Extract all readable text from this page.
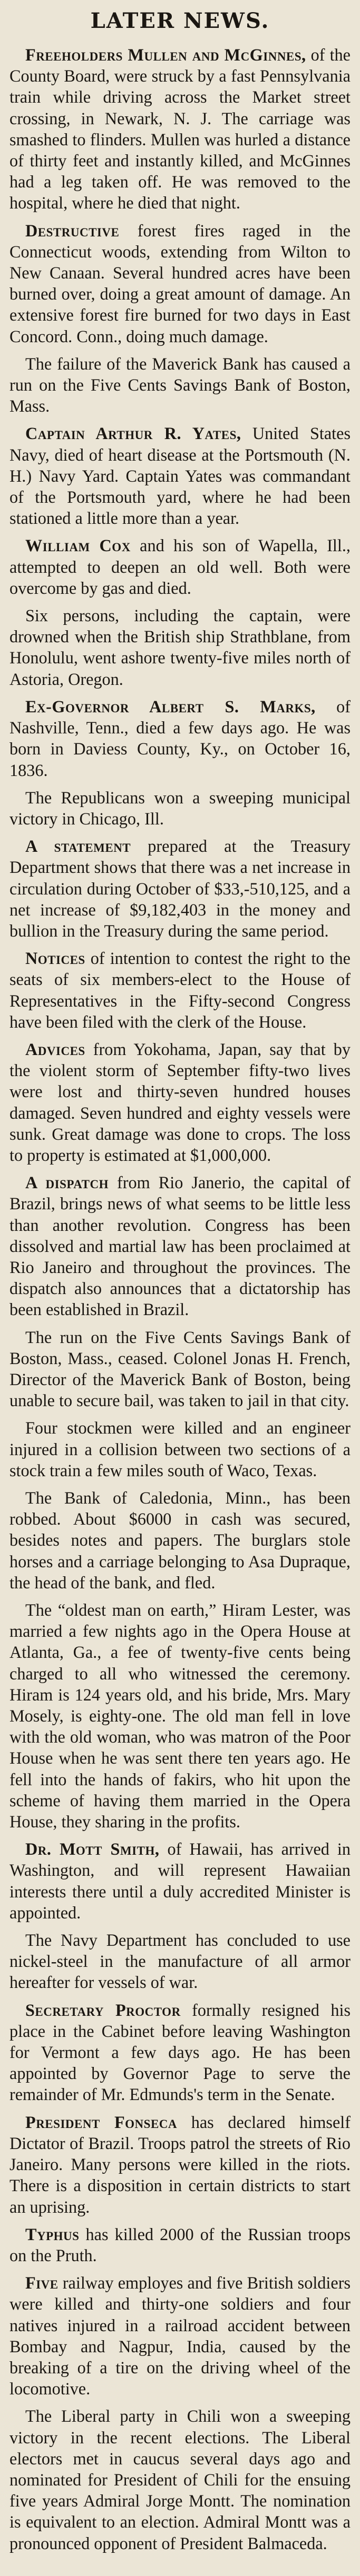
LATER NEWS.

Freeholders Mullen and McGinnes, of the County Board, were struck by a fast Pennsylvania train while driving across the Market street crossing, in Newark, N. J. The carriage was smashed to flinders. Mullen was hurled a distance of thirty feet and instantly killed, and McGinnes had a leg taken off. He was removed to the hospital, where he died that night.

Destructive forest fires raged in the Connecticut woods, extending from Wilton to New Canaan. Several hundred acres have been burned over, doing a great amount of damage. An extensive forest fire burned for two days in East Concord. Conn., doing much damage.

The failure of the Maverick Bank has caused a run on the Five Cents Savings Bank of Boston, Mass.

Captain Arthur R. Yates, United States Navy, died of heart disease at the Portsmouth (N. H.) Navy Yard. Captain Yates was commandant of the Portsmouth yard, where he had been stationed a little more than a year.

William Cox and his son of Wapella, Ill., attempted to deepen an old well. Both were overcome by gas and died.

Six persons, including the captain, were drowned when the British ship Strathblane, from Honolulu, went ashore twenty-five miles north of Astoria, Oregon.

Ex-Governor Albert S. Marks, of Nashville, Tenn., died a few days ago. He was born in Daviess County, Ky., on October 16, 1836.

The Republicans won a sweeping municipal victory in Chicago, Ill.

A statement prepared at the Treasury Department shows that there was a net increase in circulation during October of $33,-510,125, and a net increase of $9,182,403 in the money and bullion in the Treasury during the same period.

Notices of intention to contest the right to the seats of six members-elect to the House of Representatives in the Fifty-second Congress have been filed with the clerk of the House.

Advices from Yokohama, Japan, say that by the violent storm of September fifty-two lives were lost and thirty-seven hundred houses damaged. Seven hundred and eighty vessels were sunk. Great damage was done to crops. The loss to property is estimated at $1,000,000.

A dispatch from Rio Janerio, the capital of Brazil, brings news of what seems to be little less than another revolution. Congress has been dissolved and martial law has been proclaimed at Rio Janeiro and throughout the provinces. The dispatch also announces that a dictatorship has been established in Brazil.

The run on the Five Cents Savings Bank of Boston, Mass., ceased. Colonel Jonas H. French, Director of the Maverick Bank of Boston, being unable to secure bail, was taken to jail in that city.

Four stockmen were killed and an engineer injured in a collision between two sections of a stock train a few miles south of Waco, Texas.

The Bank of Caledonia, Minn., has been robbed. About $6000 in cash was secured, besides notes and papers. The burglars stole horses and a carriage belonging to Asa Dupraque, the head of the bank, and fled.

The “oldest man on earth,” Hiram Lester, was married a few nights ago in the Opera House at Atlanta, Ga., a fee of twenty-five cents being charged to all who witnessed the ceremony. Hiram is 124 years old, and his bride, Mrs. Mary Mosely, is eighty-one. The old man fell in love with the old woman, who was matron of the Poor House when he was sent there ten years ago. He fell into the hands of fakirs, who hit upon the scheme of having them married in the Opera House, they sharing in the profits.

Dr. Mott Smith, of Hawaii, has arrived in Washington, and will represent Hawaiian interests there until a duly accredited Minister is appointed.

The Navy Department has concluded to use nickel-steel in the manufacture of all armor hereafter for vessels of war.

Secretary Proctor formally resigned his place in the Cabinet before leaving Washington for Vermont a few days ago. He has been appointed by Governor Page to serve the remainder of Mr. Edmunds's term in the Senate.

President Fonseca has declared himself Dictator of Brazil. Troops patrol the streets of Rio Janeiro. Many persons were killed in the riots. There is a disposition in certain districts to start an uprising.

Typhus has killed 2000 of the Russian troops on the Pruth.

Five railway employes and five British soldiers were killed and thirty-one soldiers and four natives injured in a railroad accident between Bombay and Nagpur, India, caused by the breaking of a tire on the driving wheel of the locomotive.

The Liberal party in Chili won a sweeping victory in the recent elections. The Liberal electors met in caucus several days ago and nominated for President of Chili for the ensuing five years Admiral Jorge Montt. The nomination is equivalent to an election. Admiral Montt was a pronounced opponent of President Balmaceda.
